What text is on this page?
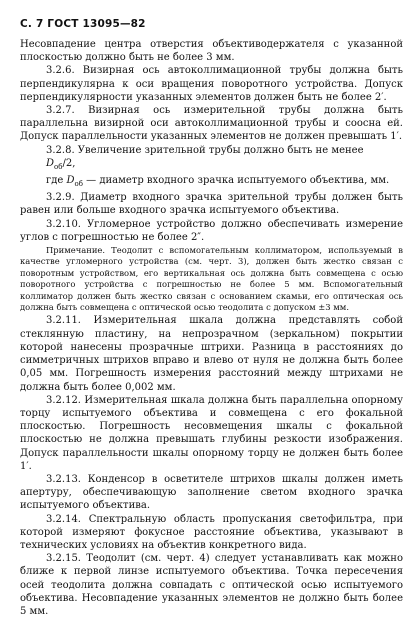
С. 7 ГОСТ 13095—82

Несовпадение центра отверстия объективодержателя с указанной плоскостью должно быть не более 3 мм.

3.2.6. Визирная ось автоколлимационной трубы должна быть перпендикулярна к оси вращения поворотного устройства. Допуск перпендикулярности указанных элементов должен быть не более 2′.

3.2.7. Визирная ось измерительной трубы должна быть параллельна визирной оси автоколлимационной трубы и соосна ей. Допуск параллельности указанных элементов не должен превышать 1′.

3.2.8. Увеличение зрительной трубы должно быть не менее

$D_{об}/2$,

где $D_{об}$ — диаметр входного зрачка испытуемого объектива, мм.

3.2.9. Диаметр входного зрачка зрительной трубы должен быть равен или больше входного зрачка испытуемого объектива.

3.2.10. Угломерное устройство должно обеспечивать измерение углов с погрешностью не более 2″.

Примечание. Теодолит с вспомогательным коллиматором, используемый в качестве угломерного устройства (см. черт. 3), должен быть жестко связан с поворотным устройством, его вертикальная ось должна быть совмещена с осью поворотного устройства с погрешностью не более 5 мм. Вспомогательный коллиматор должен быть жестко связан с основанием скамьи, его оптическая ось должна быть совмещена с оптической осью теодолита с допуском ±3 мм.

3.2.11. Измерительная шкала должна представлять собой стеклянную пластину, на непрозрачном (зеркальном) покрытии которой нанесены прозрачные штрихи. Разница в расстояниях до симметричных штрихов вправо и влево от нуля не должна быть более 0,05 мм. Погрешность измерения расстояний между штрихами не должна быть более 0,002 мм.

3.2.12. Измерительная шкала должна быть параллельна опорному торцу испытуемого объектива и совмещена с его фокальной плоскостью. Погрешность несовмещения шкалы с фокальной плоскостью не должна превышать глубины резкости изображения. Допуск параллельности шкалы опорному торцу не должен быть более 1′.

3.2.13. Конденсор в осветителе штрихов шкалы должен иметь апертуру, обеспечивающую заполнение светом входного зрачка испытуемого объектива.

3.2.14. Спектральную область пропускания светофильтра, при которой измеряют фокусное расстояние объектива, указывают в технических условиях на объектив конкретного вида.

3.2.15. Теодолит (см. черт. 4) следует устанавливать как можно ближе к первой линзе испытуемого объектива. Точка пересечения осей теодолита должна совпадать с оптической осью испытуемого объектива. Несовпадение указанных элементов не должно быть более 5 мм.
